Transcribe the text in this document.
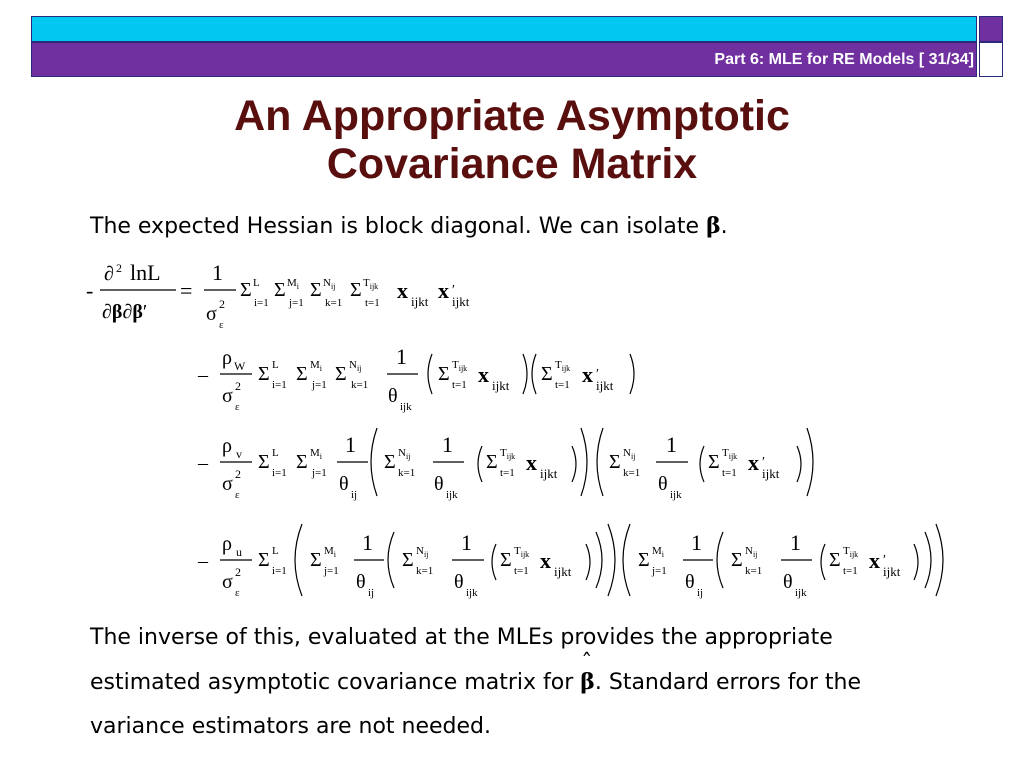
Part 6: MLE for RE Models [ 31/34]
An Appropriate Asymptotic
Covariance Matrix
The expected Hessian is block diagonal. We can isolate β.
-
∂ 2 lnL
∂β∂β′
=
1
σ 2
ε
Σ L
i=1
Σ $M_i$
j=1
Σ $N_{ij}$
k=1
Σ $T_{ijk}$
t=1 x ijkt x ′
ijkt
–
ρ W
σ 2
ε
Σ L
i=1 Σ $M_i$
j=1 Σ $N_{ij}$
k=1
1
θ ijk
Σ $T_{ijk}$
t=1 x ijkt
Σ $T_{ijk}$
t=1 x ′
ijkt
–
ρ v
σ 2
ε
Σ L
i=1 Σ $M_i$
j=1
1
θ ij
Σ $N_{ij}$
k=1
1
θ ijk
Σ $T_{ijk}$
t=1 x ijkt
Σ $N_{ij}$
k=1
1
θ ijk
Σ $T_{ijk}$
t=1 x ′
ijkt
–
ρ u
σ 2
ε
Σ L
i=1 Σ $M_i$
j=1
1
θ ij
Σ $N_{ij}$
k=1
1
θ ijk
Σ $T_{ijk}$
t=1 x ijkt
Σ $M_i$
j=1
1
θ ij
Σ $N_{ij}$
k=1
1
θ ijk
Σ $T_{ijk}$
t=1 x ′
ijkt
The inverse of this, evaluated at the MLEs provides the appropriate
estimated asymptotic covariance matrix for ˆ β. Standard errors for the
variance estimators are not needed.
